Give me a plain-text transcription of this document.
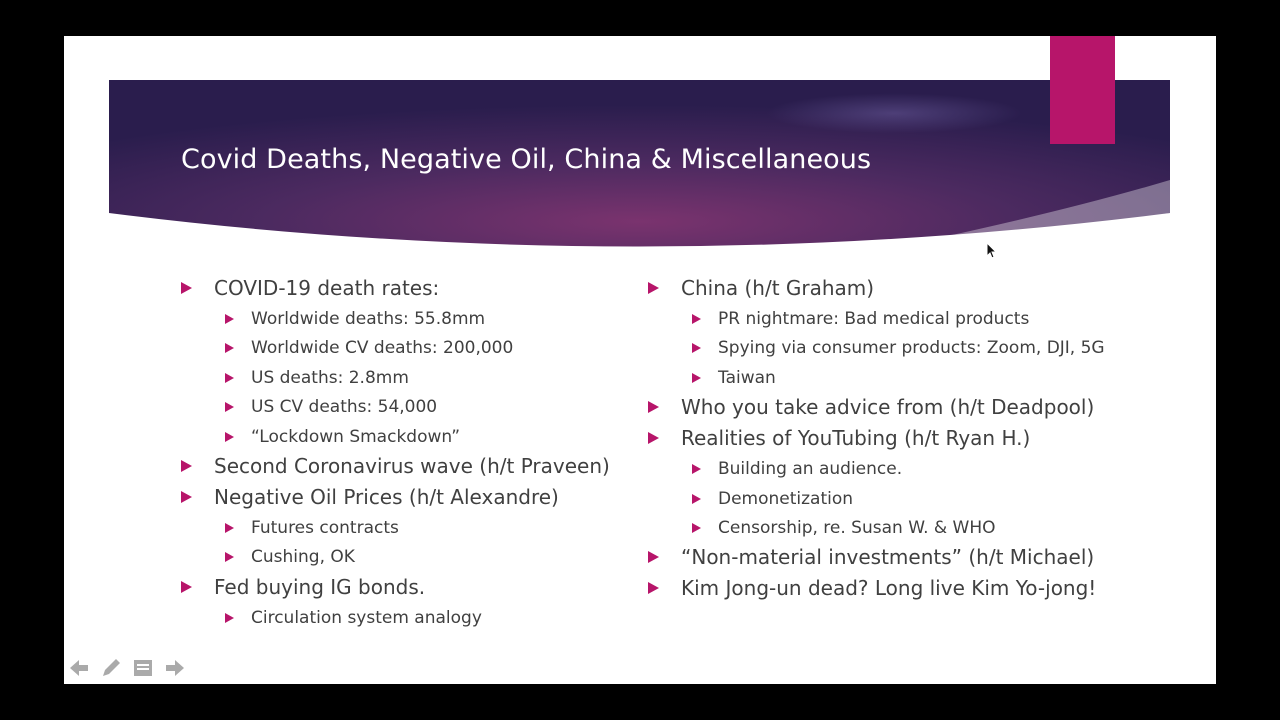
Covid Deaths, Negative Oil, China & Miscellaneous
COVID-19 death rates:
Worldwide deaths: 55.8mm
Worldwide CV deaths: 200,000
US deaths: 2.8mm
US CV deaths: 54,000
“Lockdown Smackdown”
Second Coronavirus wave (h/t Praveen)
Negative Oil Prices (h/t Alexandre)
Futures contracts
Cushing, OK
Fed buying IG bonds.
Circulation system analogy
China (h/t Graham)
PR nightmare: Bad medical products
Spying via consumer products: Zoom, DJI, 5G
Taiwan
Who you take advice from (h/t Deadpool)
Realities of YouTubing (h/t Ryan H.)
Building an audience.
Demonetization
Censorship, re. Susan W. & WHO
“Non-material investments” (h/t Michael)
Kim Jong-un dead? Long live Kim Yo-jong!
